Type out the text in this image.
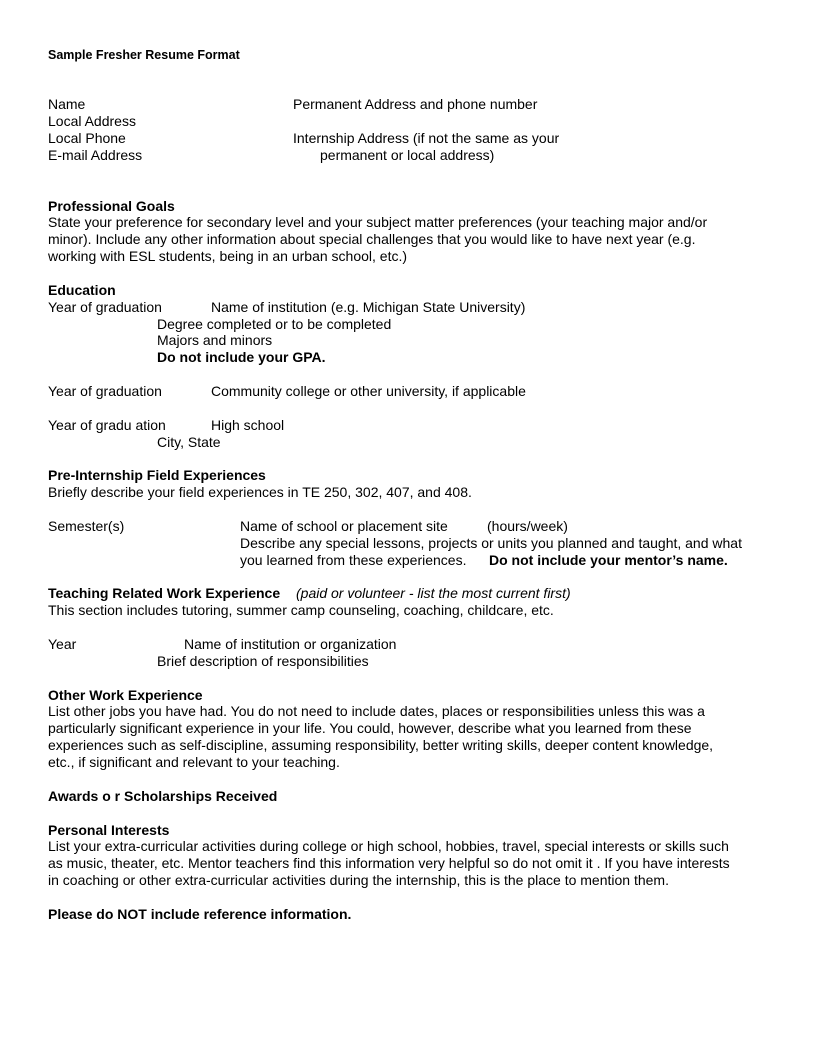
Sample Fresher Resume Format
Name	Permanent Address and phone number
Local Address
Local Phone	Internship Address (if not the same as your
E-mail Address	permanent or local address)
Professional Goals
State your preference for secondary level and your subject matter preferences (your teaching major and/or
minor). Include any other information about special challenges that you would like to have next year (e.g.
working with ESL students, being in an urban school, etc.)
Education
Year of graduation	Name of institution (e.g. Michigan State University)
Degree completed or to be completed
Majors and minors
Do not include your GPA.
Year of graduation	Community college or other university, if applicable
Year of gradu ation	High school
City, State
Pre-Internship Field Experiences
Briefly describe your field experiences in TE 250, 302, 407, and 408.
Semester(s)	Name of school or placement site	(hours/week)
Describe any special lessons, projects or units you planned and taught, and what
you learned from these experiences. Do not include your mentor’s name.
Teaching Related Work Experience (paid or volunteer - list the most current first)
This section includes tutoring, summer camp counseling, coaching, childcare, etc.
Year	Name of institution or organization
Brief description of responsibilities
Other Work Experience
List other jobs you have had. You do not need to include dates, places or responsibilities unless this was a
particularly significant experience in your life. You could, however, describe what you learned from these
experiences such as self-discipline, assuming responsibility, better writing skills, deeper content knowledge,
etc., if significant and relevant to your teaching.
Awards o r Scholarships Received
Personal Interests
List your extra-curricular activities during college or high school, hobbies, travel, special interests or skills such
as music, theater, etc. Mentor teachers find this information very helpful so do not omit it . If you have interests
in coaching or other extra-curricular activities during the internship, this is the place to mention them.
Please do NOT include reference information.
